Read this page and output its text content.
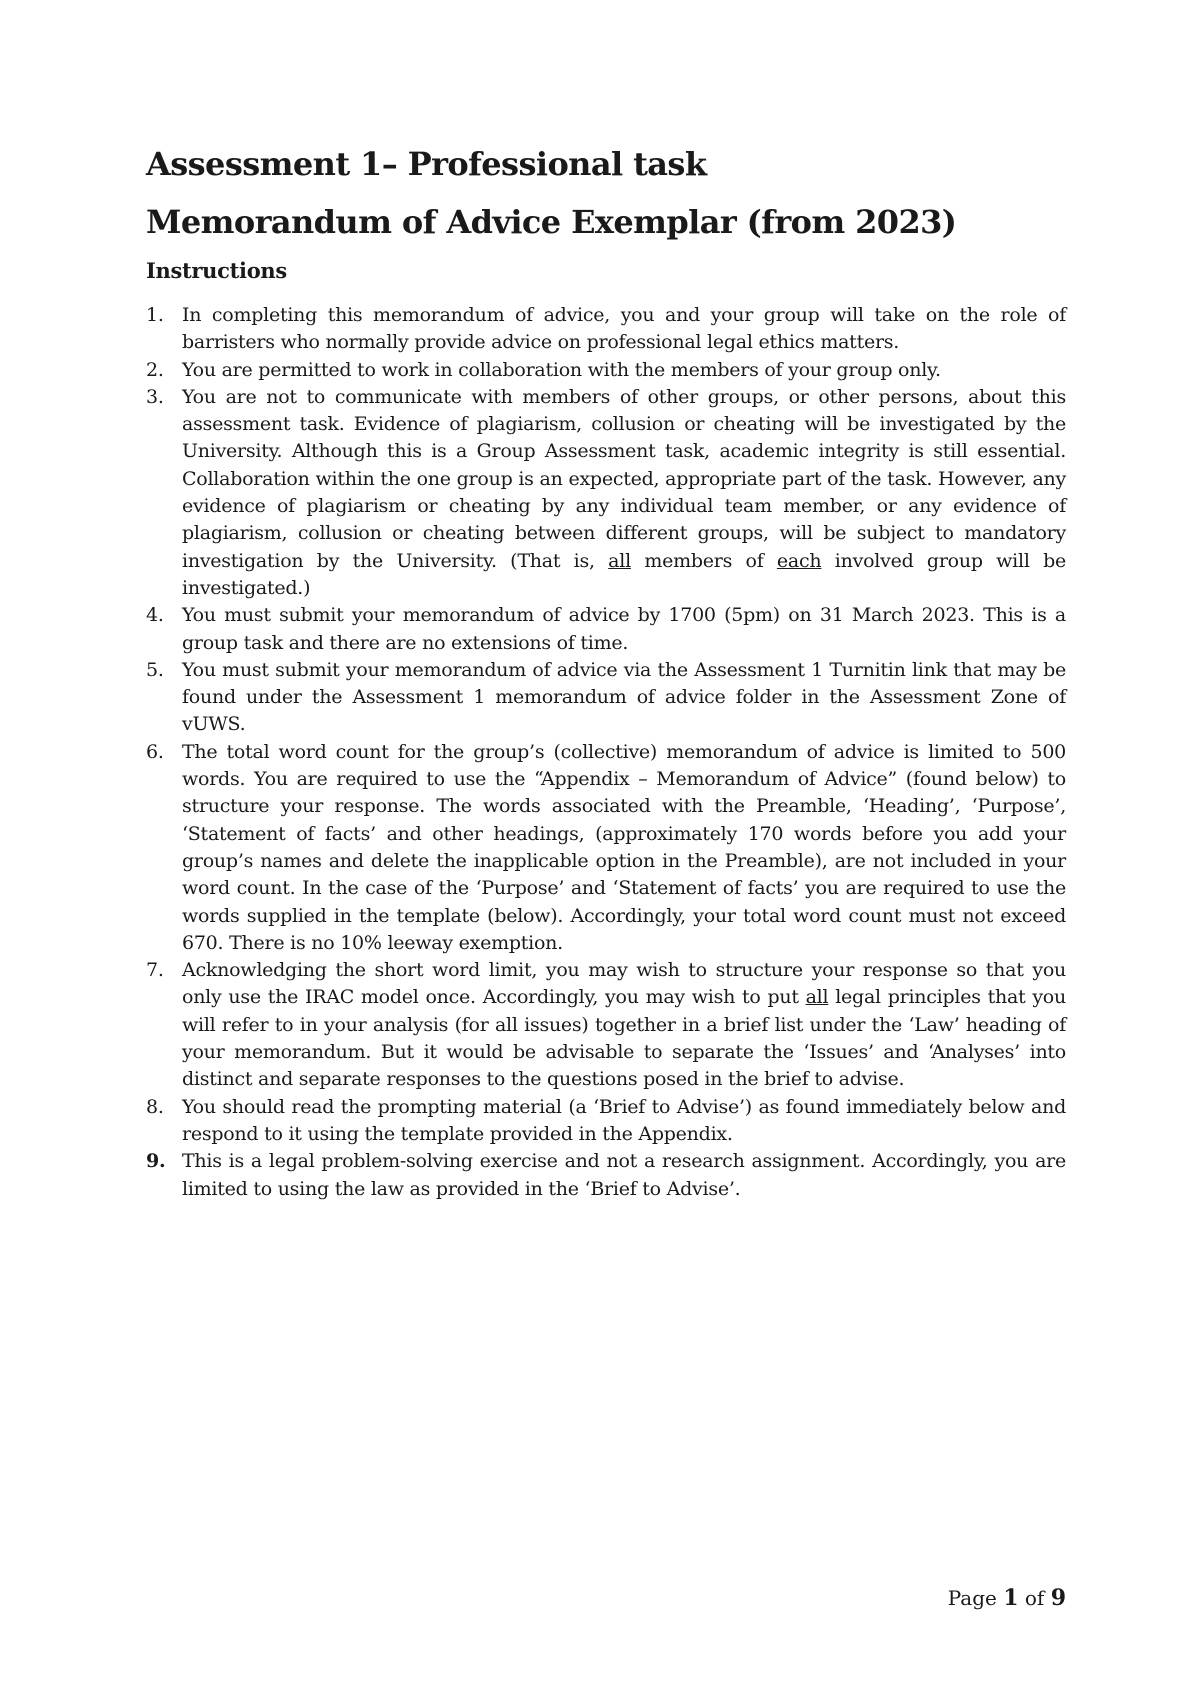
Assessment 1– Professional task
Memorandum of Advice Exemplar (from 2023)
Instructions
1. In completing this memorandum of advice, you and your group will take on the role of barristers who normally provide advice on professional legal ethics matters.
2. You are permitted to work in collaboration with the members of your group only.
3. You are not to communicate with members of other groups, or other persons, about this assessment task. Evidence of plagiarism, collusion or cheating will be investigated by the University. Although this is a Group Assessment task, academic integrity is still essential. Collaboration within the one group is an expected, appropriate part of the task. However, any evidence of plagiarism or cheating by any individual team member, or any evidence of plagiarism, collusion or cheating between different groups, will be subject to mandatory investigation by the University. (That is, all members of each involved group will be investigated.)
4. You must submit your memorandum of advice by 1700 (5pm) on 31 March 2023. This is a group task and there are no extensions of time.
5. You must submit your memorandum of advice via the Assessment 1 Turnitin link that may be found under the Assessment 1 memorandum of advice folder in the Assessment Zone of vUWS.
6. The total word count for the group’s (collective) memorandum of advice is limited to 500 words. You are required to use the “Appendix – Memorandum of Advice” (found below) to structure your response. The words associated with the Preamble, ‘Heading’, ‘Purpose’, ‘Statement of facts’ and other headings, (approximately 170 words before you add your group’s names and delete the inapplicable option in the Preamble), are not included in your word count. In the case of the ‘Purpose’ and ‘Statement of facts’ you are required to use the words supplied in the template (below). Accordingly, your total word count must not exceed 670. There is no 10% leeway exemption.
7. Acknowledging the short word limit, you may wish to structure your response so that you only use the IRAC model once. Accordingly, you may wish to put all legal principles that you will refer to in your analysis (for all issues) together in a brief list under the ‘Law’ heading of your memorandum. But it would be advisable to separate the ‘Issues’ and ‘Analyses’ into distinct and separate responses to the questions posed in the brief to advise.
8. You should read the prompting material (a ‘Brief to Advise’) as found immediately below and respond to it using the template provided in the Appendix.
9. This is a legal problem-solving exercise and not a research assignment. Accordingly, you are limited to using the law as provided in the ‘Brief to Advise’.
Page 1 of 9
